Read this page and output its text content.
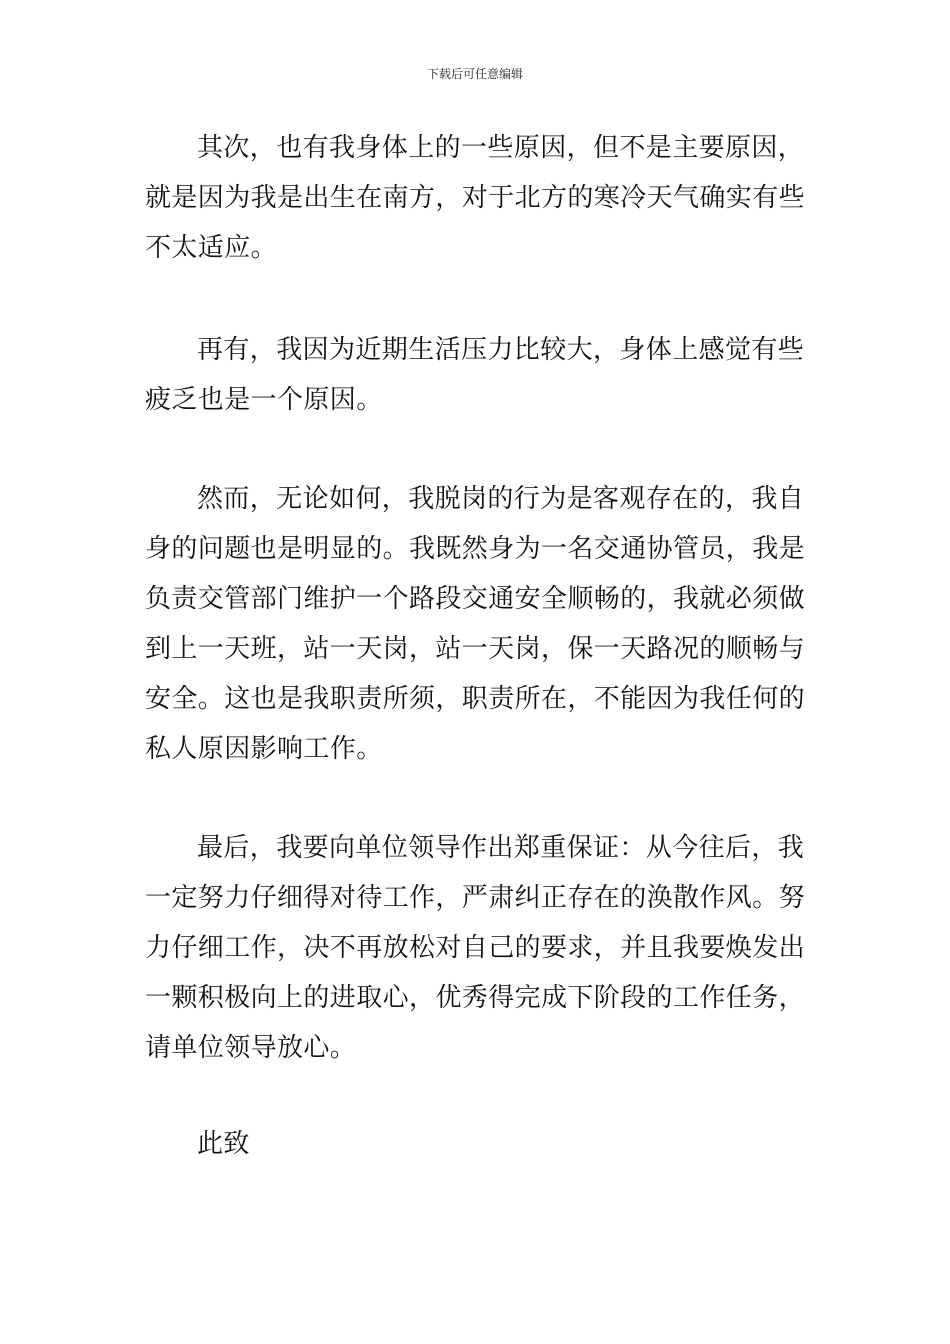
下载后可任意编辑

其次，也有我身体上的一些原因，但不是主要原因，就是因为我是出生在南方，对于北方的寒冷天气确实有些不太适应。

再有，我因为近期生活压力比较大，身体上感觉有些疲乏也是一个原因。

然而，无论如何，我脱岗的行为是客观存在的，我自身的问题也是明显的。我既然身为一名交通协管员，我是负责交管部门维护一个路段交通安全顺畅的，我就必须做到上一天班，站一天岗，站一天岗，保一天路况的顺畅与安全。这也是我职责所须，职责所在，不能因为我任何的私人原因影响工作。

最后，我要向单位领导作出郑重保证：从今往后，我一定努力仔细得对待工作，严肃纠正存在的涣散作风。努力仔细工作，决不再放松对自己的要求，并且我要焕发出一颗积极向上的进取心，优秀得完成下阶段的工作任务，请单位领导放心。

此致
